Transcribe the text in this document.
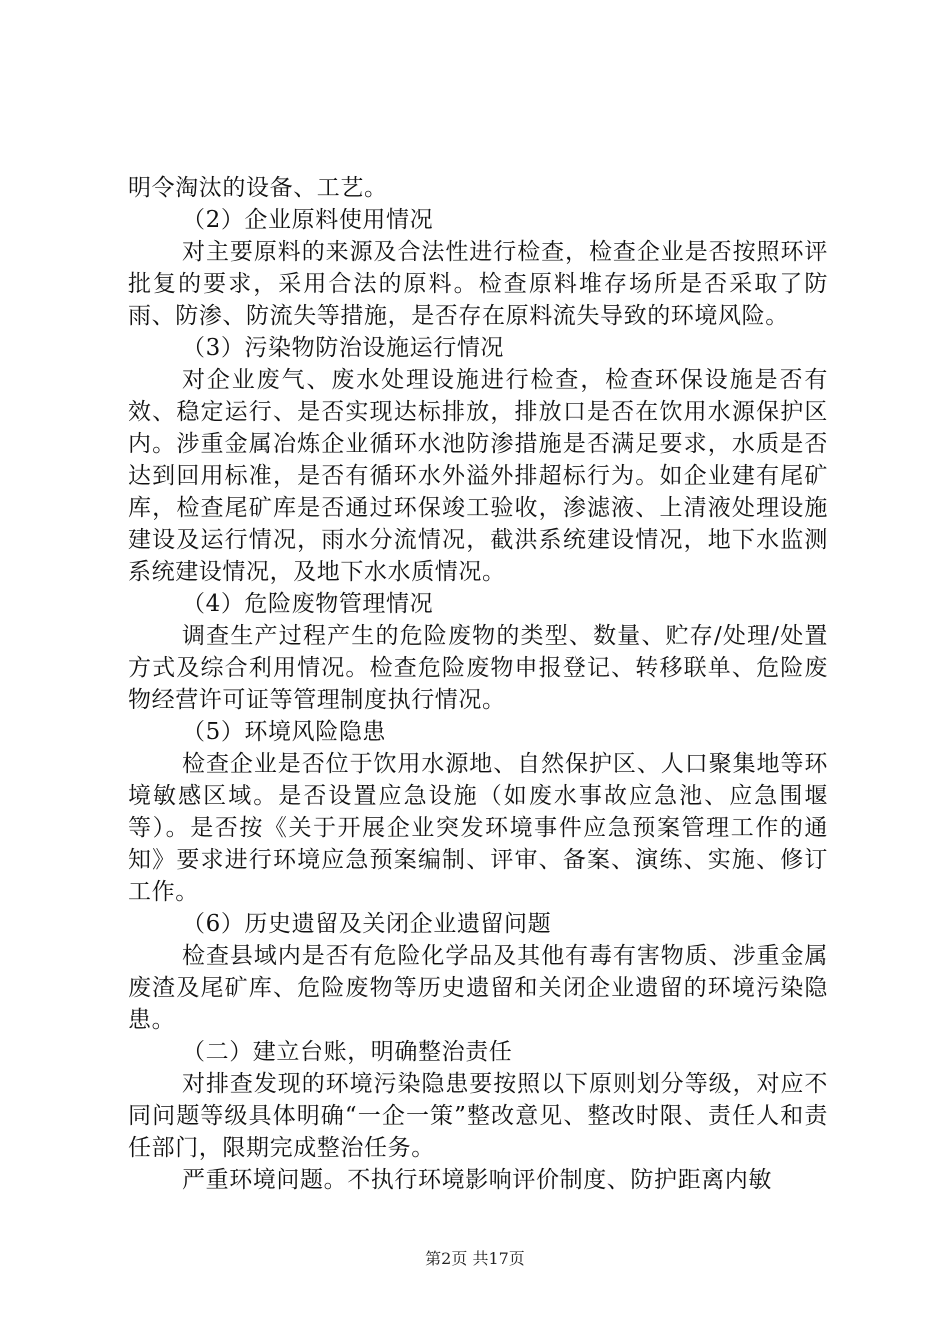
明令淘汰的设备、工艺。

（2）企业原料使用情况

对主要原料的来源及合法性进行检查，检查企业是否按照环评批复的要求，采用合法的原料。检查原料堆存场所是否采取了防雨、防渗、防流失等措施，是否存在原料流失导致的环境风险。

（3）污染物防治设施运行情况

对企业废气、废水处理设施进行检查，检查环保设施是否有效、稳定运行、是否实现达标排放，排放口是否在饮用水源保护区内。涉重金属冶炼企业循环水池防渗措施是否满足要求，水质是否达到回用标准，是否有循环水外溢外排超标行为。如企业建有尾矿库，检查尾矿库是否通过环保竣工验收，渗滤液、上清液处理设施建设及运行情况，雨水分流情况，截洪系统建设情况，地下水监测系统建设情况，及地下水水质情况。

（4）危险废物管理情况

调查生产过程产生的危险废物的类型、数量、贮存/处理/处置方式及综合利用情况。检查危险废物申报登记、转移联单、危险废物经营许可证等管理制度执行情况。

（5）环境风险隐患

检查企业是否位于饮用水源地、自然保护区、人口聚集地等环境敏感区域。是否设置应急设施（如废水事故应急池、应急围堰等）。是否按《关于开展企业突发环境事件应急预案管理工作的通知》要求进行环境应急预案编制、评审、备案、演练、实施、修订工作。

（6）历史遗留及关闭企业遗留问题

检查县域内是否有危险化学品及其他有毒有害物质、涉重金属废渣及尾矿库、危险废物等历史遗留和关闭企业遗留的环境污染隐患。

（二）建立台账，明确整治责任

对排查发现的环境污染隐患要按照以下原则划分等级，对应不同问题等级具体明确“一企一策”整改意见、整改时限、责任人和责任部门，限期完成整治任务。

严重环境问题。不执行环境影响评价制度、防护距离内敏

第2页 共17页
